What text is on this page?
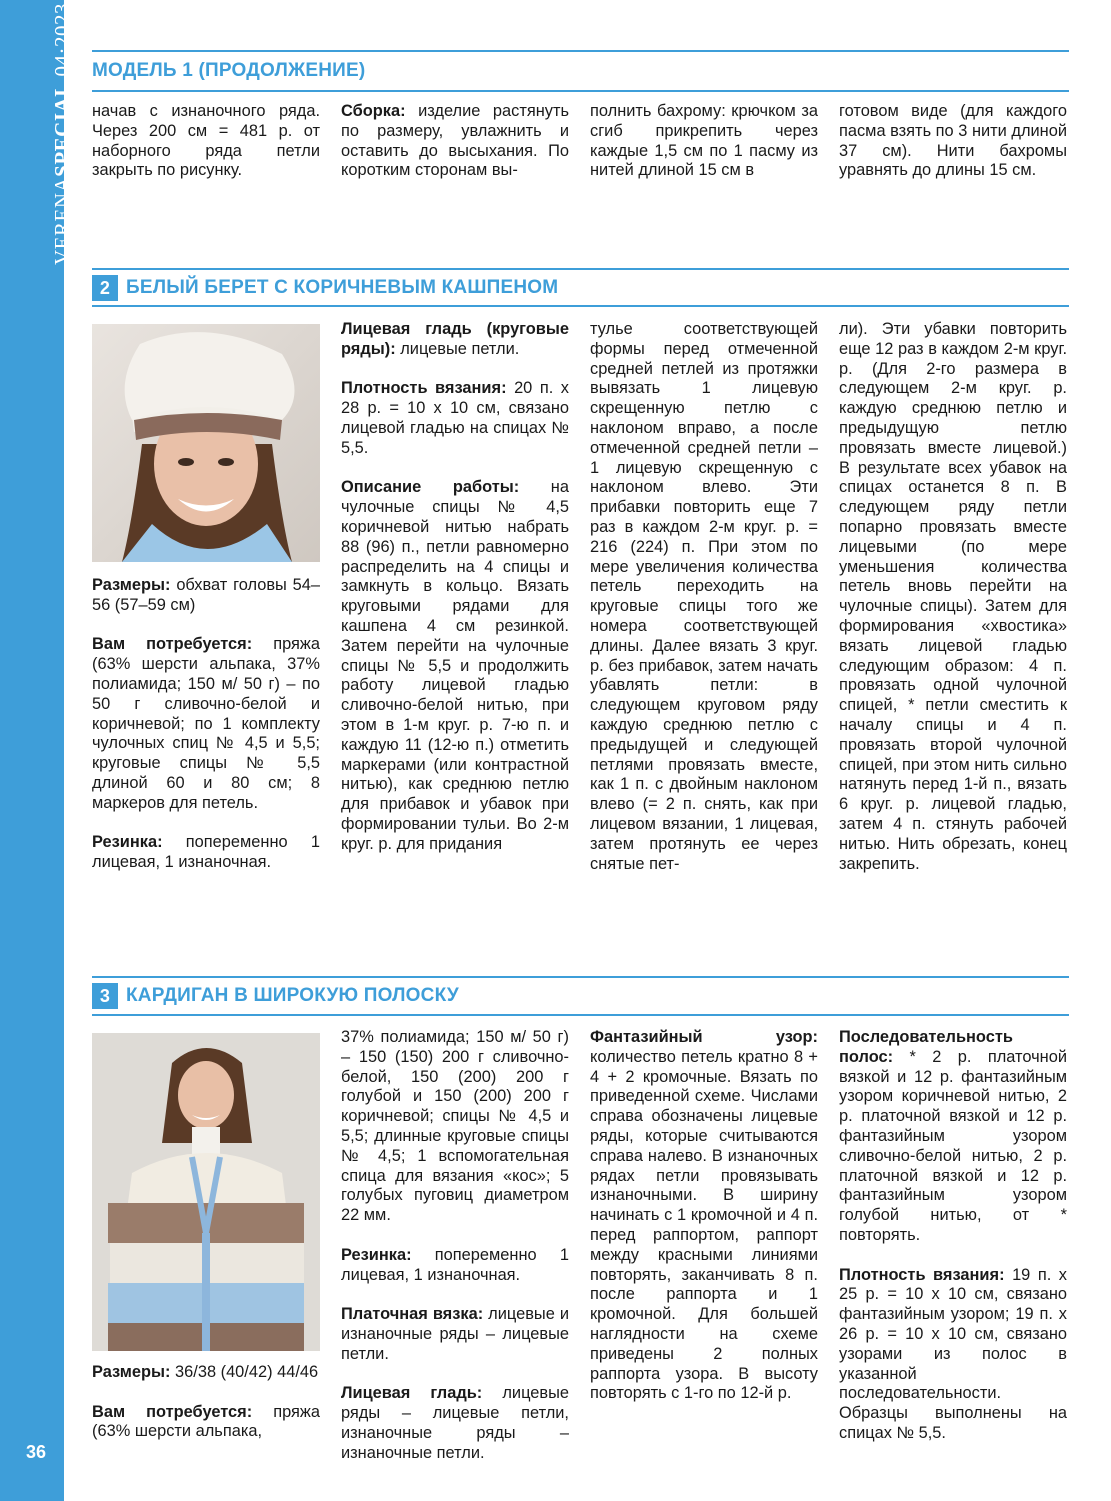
VERENASPECIAL 04·2023
36
МОДЕЛЬ 1 (ПРОДОЛЖЕНИЕ)

начав с изнаночного ряда. Через 200 см = 481 р. от наборного ряда петли закрыть по рисунку.

Сборка: изделие растянуть по размеру, увлажнить и оставить до высыхания. По коротким сторонам вы-

полнить бахрому: крючком за сгиб прикрепить через каждые 1,5 см по 1 пасму из нитей длиной 15 см в

готовом виде (для каждого пасма взять по 3 нити длиной 37 см). Нити бахромы уравнять до длины 15 см.

2 БЕЛЫЙ БЕРЕТ С КОРИЧНЕВЫМ КАШПЕНОМ

Размеры: обхват головы 54–56 (57–59 см)

Вам потребуется: пряжа (63% шерсти альпака, 37% полиамида; 150 м/ 50 г) – по 50 г сливочно-белой и коричневой; по 1 комплекту чулочных спиц № 4,5 и 5,5; круговые спицы № 5,5 длиной 60 и 80 см; 8 маркеров для петель.

Резинка: попеременно 1 лицевая, 1 изнаночная.

Лицевая гладь (круговые ряды): лицевые петли.

Плотность вязания: 20 п. х 28 р. = 10 х 10 см, связано лицевой гладью на спицах № 5,5.

Описание работы: на чулочные спицы № 4,5 коричневой нитью набрать 88 (96) п., петли равномерно распределить на 4 спицы и замкнуть в кольцо. Вязать круговыми рядами для кашпена 4 см резинкой. Затем перейти на чулочные спицы № 5,5 и продолжить работу лицевой гладью сливочно-белой нитью, при этом в 1-м круг. р. 7-ю п. и каждую 11 (12-ю п.) отметить маркерами (или контрастной нитью), как среднюю петлю для прибавок и убавок при формировании тульи. Во 2-м круг. р. для придания

тулье соответствующей формы перед отмеченной средней петлей из протяжки вывязать 1 лицевую скрещенную петлю с наклоном вправо, а после отмеченной средней петли – 1 лицевую скрещенную с наклоном влево. Эти прибавки повторить еще 7 раз в каждом 2-м круг. р. = 216 (224) п. При этом по мере увеличения количества петель переходить на круговые спицы того же номера соответствующей длины. Далее вязать 3 круг. р. без прибавок, затем начать убавлять петли: в следующем круговом ряду каждую среднюю петлю с предыдущей и следующей петлями провязать вместе, как 1 п. с двойным наклоном влево (= 2 п. снять, как при лицевом вязании, 1 лицевая, затем протянуть ее через снятые пет-

ли). Эти убавки повторить еще 12 раз в каждом 2-м круг. р. (Для 2-го размера в следующем 2-м круг. р. каждую среднюю петлю и предыдущую петлю провязать вместе лицевой.) В результате всех убавок на спицах останется 8 п. В следующем ряду петли попарно провязать вместе лицевыми (по мере уменьшения количества петель вновь перейти на чулочные спицы). Затем для формирования «хвостика» вязать лицевой гладью следующим образом: 4 п. провязать одной чулочной спицей, * петли сместить к началу спицы и 4 п. провязать второй чулочной спицей, при этом нить сильно натянуть перед 1-й п., вязать 6 круг. р. лицевой гладью, затем 4 п. стянуть рабочей нитью. Нить обрезать, конец закрепить.

3 КАРДИГАН В ШИРОКУЮ ПОЛОСКУ

Размеры: 36/38 (40/42) 44/46

Вам потребуется: пряжа (63% шерсти альпака,

37% полиамида; 150 м/ 50 г) – 150 (150) 200 г сливочно-белой, 150 (200) 200 г голубой и 150 (200) 200 г коричневой; спицы № 4,5 и 5,5; длинные круговые спицы № 4,5; 1 вспомогательная спица для вязания «кос»; 5 голубых пуговиц диаметром 22 мм.

Резинка: попеременно 1 лицевая, 1 изнаночная.

Платочная вязка: лицевые и изнаночные ряды – лицевые петли.

Лицевая гладь: лицевые ряды – лицевые петли, изнаночные ряды – изнаночные петли.

Фантазийный узор: количество петель кратно 8 + 4 + 2 кромочные. Вязать по приведенной схеме. Числами справа обозначены лицевые ряды, которые считываются справа налево. В изнаночных рядах петли провязывать изнаночными. В ширину начинать с 1 кромочной и 4 п. перед раппортом, раппорт между красными линиями повторять, заканчивать 8 п. после раппорта и 1 кромочной. Для большей наглядности на схеме приведены 2 полных раппорта узора. В высоту повторять с 1-го по 12-й р.

Последовательность полос: * 2 р. платочной вязкой и 12 р. фантазийным узором коричневой нитью, 2 р. платочной вязкой и 12 р. фантазийным узором сливочно-белой нитью, 2 р. платочной вязкой и 12 р. фантазийным узором голубой нитью, от * повторять.

Плотность вязания: 19 п. х 25 р. = 10 х 10 см, связано фантазийным узором; 19 п. х 26 р. = 10 х 10 см, связано узорами из полос в указанной последовательности. Образцы выполнены на спицах № 5,5.
